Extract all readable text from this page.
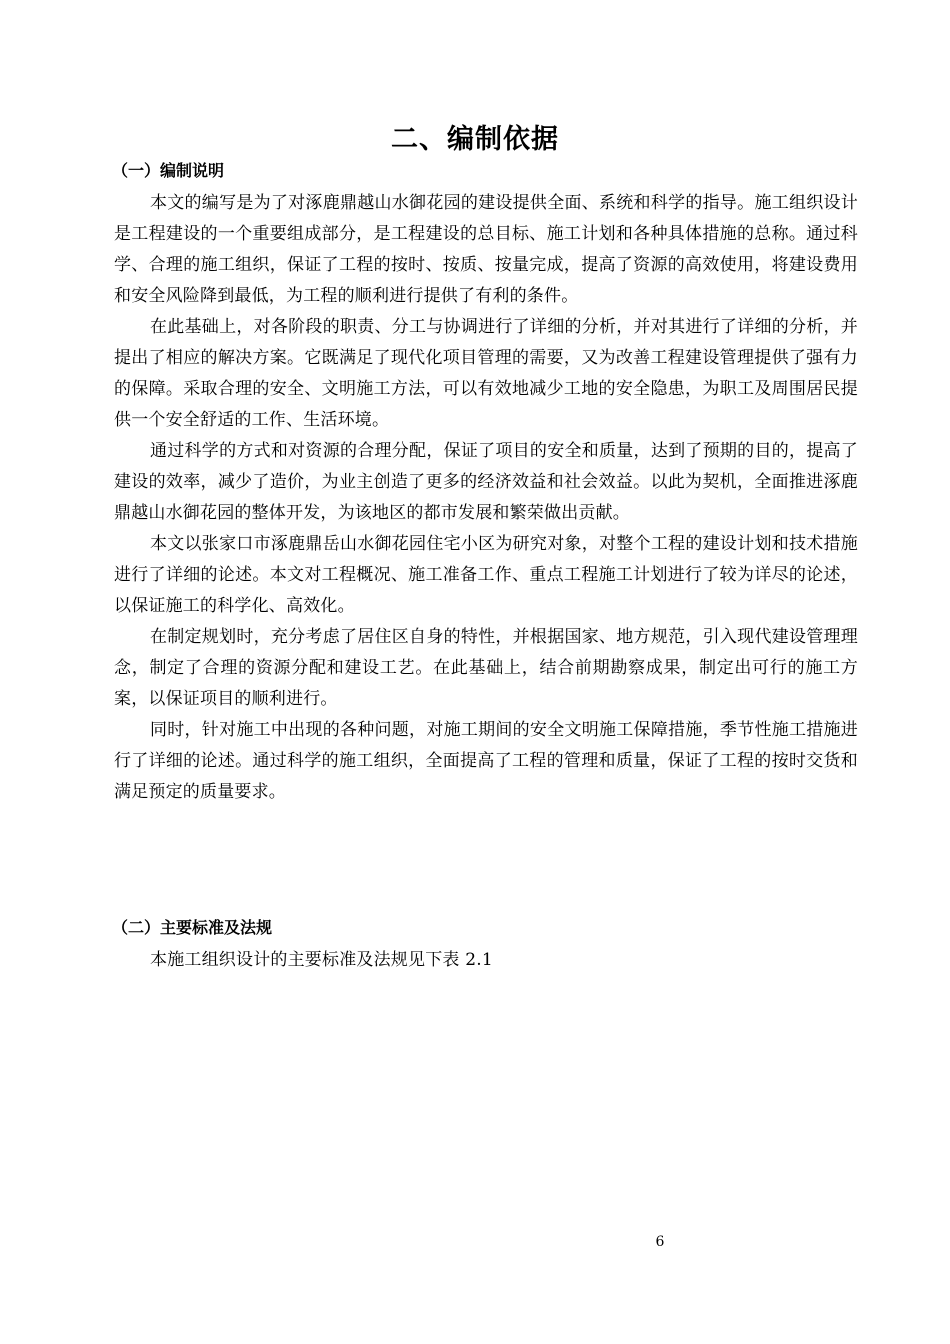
二、编制依据
（一）编制说明

本文的编写是为了对涿鹿鼎越山水御花园的建设提供全面、系统和科学的指导。施工组织设计是工程建设的一个重要组成部分，是工程建设的总目标、施工计划和各种具体措施的总称。通过科学、合理的施工组织，保证了工程的按时、按质、按量完成，提高了资源的高效使用，将建设费用和安全风险降到最低，为工程的顺利进行提供了有利的条件。

在此基础上，对各阶段的职责、分工与协调进行了详细的分析，并对其进行了详细的分析，并提出了相应的解决方案。它既满足了现代化项目管理的需要，又为改善工程建设管理提供了强有力的保障。采取合理的安全、文明施工方法，可以有效地减少工地的安全隐患，为职工及周围居民提供一个安全舒适的工作、生活环境。

通过科学的方式和对资源的合理分配，保证了项目的安全和质量，达到了预期的目的，提高了建设的效率，减少了造价，为业主创造了更多的经济效益和社会效益。以此为契机，全面推进涿鹿鼎越山水御花园的整体开发，为该地区的都市发展和繁荣做出贡献。

本文以张家口市涿鹿鼎岳山水御花园住宅小区为研究对象，对整个工程的建设计划和技术措施进行了详细的论述。本文对工程概况、施工准备工作、重点工程施工计划进行了较为详尽的论述，以保证施工的科学化、高效化。

在制定规划时，充分考虑了居住区自身的特性，并根据国家、地方规范，引入现代建设管理理念，制定了合理的资源分配和建设工艺。在此基础上，结合前期勘察成果，制定出可行的施工方案，以保证项目的顺利进行。

同时，针对施工中出现的各种问题，对施工期间的安全文明施工保障措施，季节性施工措施进行了详细的论述。通过科学的施工组织，全面提高了工程的管理和质量，保证了工程的按时交货和满足预定的质量要求。

（二）主要标准及法规

本施工组织设计的主要标准及法规见下表 2.1

6
